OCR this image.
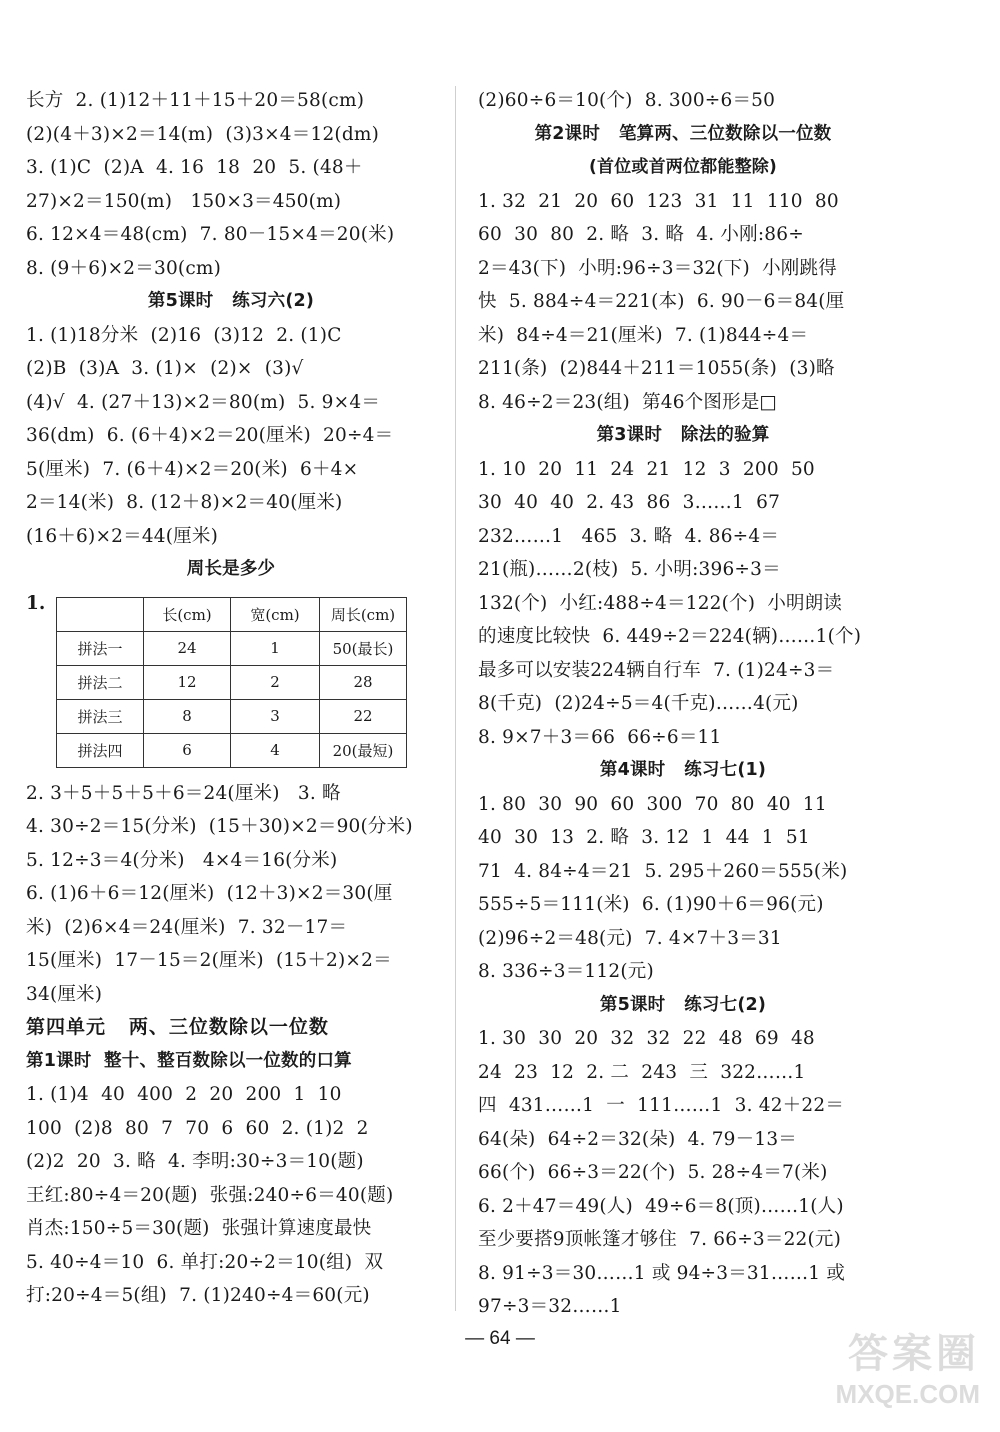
长方  2. (1)12＋11＋15＋20＝58(cm)
(2)(4＋3)×2＝14(m)  (3)3×4＝12(dm)
3. (1)C  (2)A  4. 16  18  20  5. (48＋
27)×2＝150(m)   150×3＝450(m)
6. 12×4＝48(cm)  7. 80－15×4＝20(米)
8. (9＋6)×2＝30(cm)
第5课时   练习六(2)
1. (1)18分米  (2)16  (3)12  2. (1)C
(2)B  (3)A  3. (1)×  (2)×  (3)√
(4)√  4. (27＋13)×2＝80(m)  5. 9×4＝
36(dm)  6. (6＋4)×2＝20(厘米)  20÷4＝
5(厘米)  7. (6＋4)×2＝20(米)  6＋4×
2＝14(米)  8. (12＋8)×2＝40(厘米)
(16＋6)×2＝44(厘米)
周长是多少
1.
	长(cm)	宽(cm)	周长(cm)
拼法一	24	1	50(最长)
拼法二	12	2	28
拼法三	8	3	22
拼法四	6	4	20(最短)
2. 3＋5＋5＋5＋6＝24(厘米)   3. 略
4. 30÷2＝15(分米)  (15＋30)×2＝90(分米)
5. 12÷3＝4(分米)   4×4＝16(分米)
6. (1)6＋6＝12(厘米)  (12＋3)×2＝30(厘
米)  (2)6×4＝24(厘米)  7. 32－17＝
15(厘米)  17－15＝2(厘米)  (15＋2)×2＝
34(厘米)
第四单元   两、三位数除以一位数
第1课时  整十、整百数除以一位数的口算
1. (1)4  40  400  2  20  200  1  10
100  (2)8  80  7  70  6  60  2. (1)2  2
(2)2  20  3. 略  4. 李明:30÷3＝10(题)
王红:80÷4＝20(题)  张强:240÷6＝40(题)
肖杰:150÷5＝30(题)  张强计算速度最快
5. 40÷4＝10  6. 单打:20÷2＝10(组)  双
打:20÷4＝5(组)  7. (1)240÷4＝60(元)
(2)60÷6＝10(个)  8. 300÷6＝50
第2课时   笔算两、三位数除以一位数
(首位或首两位都能整除)
1. 32  21  20  60  123  31  11  110  80
60  30  80  2. 略  3. 略  4. 小刚:86÷
2＝43(下)  小明:96÷3＝32(下)  小刚跳得
快  5. 884÷4＝221(本)  6. 90－6＝84(厘
米)  84÷4＝21(厘米)  7. (1)844÷4＝
211(条)  (2)844＋211＝1055(条)  (3)略
8. 46÷2＝23(组)  第46个图形是□
第3课时   除法的验算
1. 10  20  11  24  21  12  3  200  50
30  40  40  2. 43  86  3……1  67
232……1   465  3. 略  4. 86÷4＝
21(瓶)……2(枝)  5. 小明:396÷3＝
132(个)  小红:488÷4＝122(个)  小明朗读
的速度比较快  6. 449÷2＝224(辆)……1(个)
最多可以安装224辆自行车  7. (1)24÷3＝
8(千克)  (2)24÷5＝4(千克)……4(元)
8. 9×7＋3＝66  66÷6＝11
第4课时   练习七(1)
1. 80  30  90  60  300  70  80  40  11
40  30  13  2. 略  3. 12  1  44  1  51
71  4. 84÷4＝21  5. 295＋260＝555(米)
555÷5＝111(米)  6. (1)90＋6＝96(元)
(2)96÷2＝48(元)  7. 4×7＋3＝31
8. 336÷3＝112(元)
第5课时   练习七(2)
1. 30  30  20  32  32  22  48  69  48
24  23  12  2. 二  243  三  322……1
四  431……1  一  111……1  3. 42＋22＝
64(朵)  64÷2＝32(朵)  4. 79－13＝
66(个)  66÷3＝22(个)  5. 28÷4＝7(米)
6. 2＋47＝49(人)  49÷6＝8(顶)……1(人)
至少要搭9顶帐篷才够住  7. 66÷3＝22(元)
8. 91÷3＝30……1 或 94÷3＝31……1 或
97÷3＝32……1
— 64 —	答案圈
MXQE.COM
